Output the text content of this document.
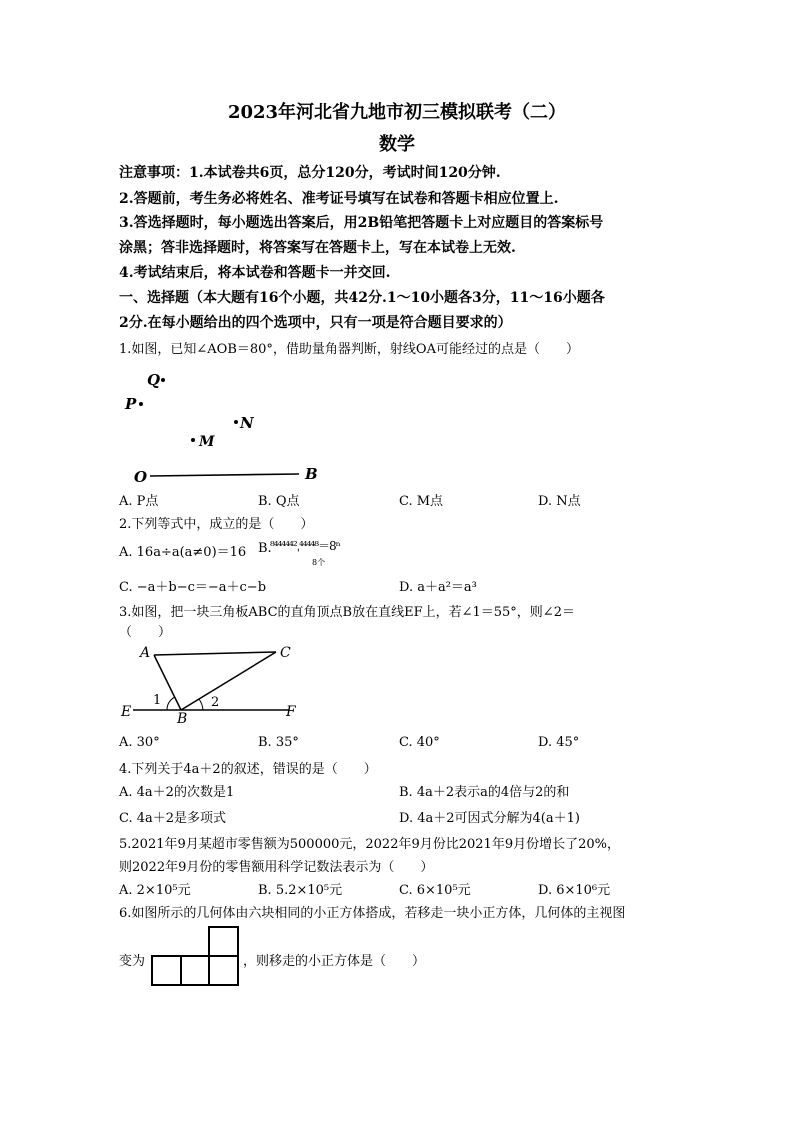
2023年河北省九地市初三模拟联考（二）
数学
注意事项：1.本试卷共6页，总分120分，考试时间120分钟.
2.答题前，考生务必将姓名、准考证号填写在试卷和答题卡相应位置上.
3.答选择题时，每小题选出答案后，用2B铅笔把答题卡上对应题目的答案标号
涂黑；答非选择题时，将答案写在答题卡上，写在本试卷上无效.
4.考试结束后，将本试卷和答题卡一并交回.
一、选择题（本大题有16个小题，共42分.1～10小题各3分，11～16小题各
2分.在每小题给出的四个选项中，只有一项是符合题目要求的）
1.如图，已知∠AOB＝80°，借助量角器判断，射线OA可能经过的点是（　　）
Q
P
N
M
O	B
A. P点	B. Q点	C. M点	D. N点
2.下列等式中，成立的是（　　）
A. 16a÷a(a≠0)＝16 B.
⁸⁴⁴⁴⁴⁴²ˌ⁴⁴⁴⁴⁸＝8ⁿ
8个
C. −a＋b−c＝−a＋c−b	D. a＋a²＝a³
3.如图，把一块三角板ABC的直角顶点B放在直线EF上，若∠1＝55°，则∠2＝
（　　）
A	C
E	B	F
1	2
A. 30°	B. 35°	C. 40°	D. 45°
4.下列关于4a＋2的叙述，错误的是（　　）
A. 4a＋2的次数是1	B. 4a＋2表示a的4倍与2的和
C. 4a＋2是多项式	D. 4a＋2可因式分解为4(a＋1)
5.2021年9月某超市零售额为500000元，2022年9月份比2021年9月份增长了20%，
则2022年9月份的零售额用科学记数法表示为（　　）
A. 2×10⁵元	B. 5.2×10⁵元	C. 6×10⁵元	D. 6×10⁶元
6.如图所示的几何体由六块相同的小正方体搭成，若移走一块小正方体，几何体的主视图
变为	，则移走的小正方体是（　　）
